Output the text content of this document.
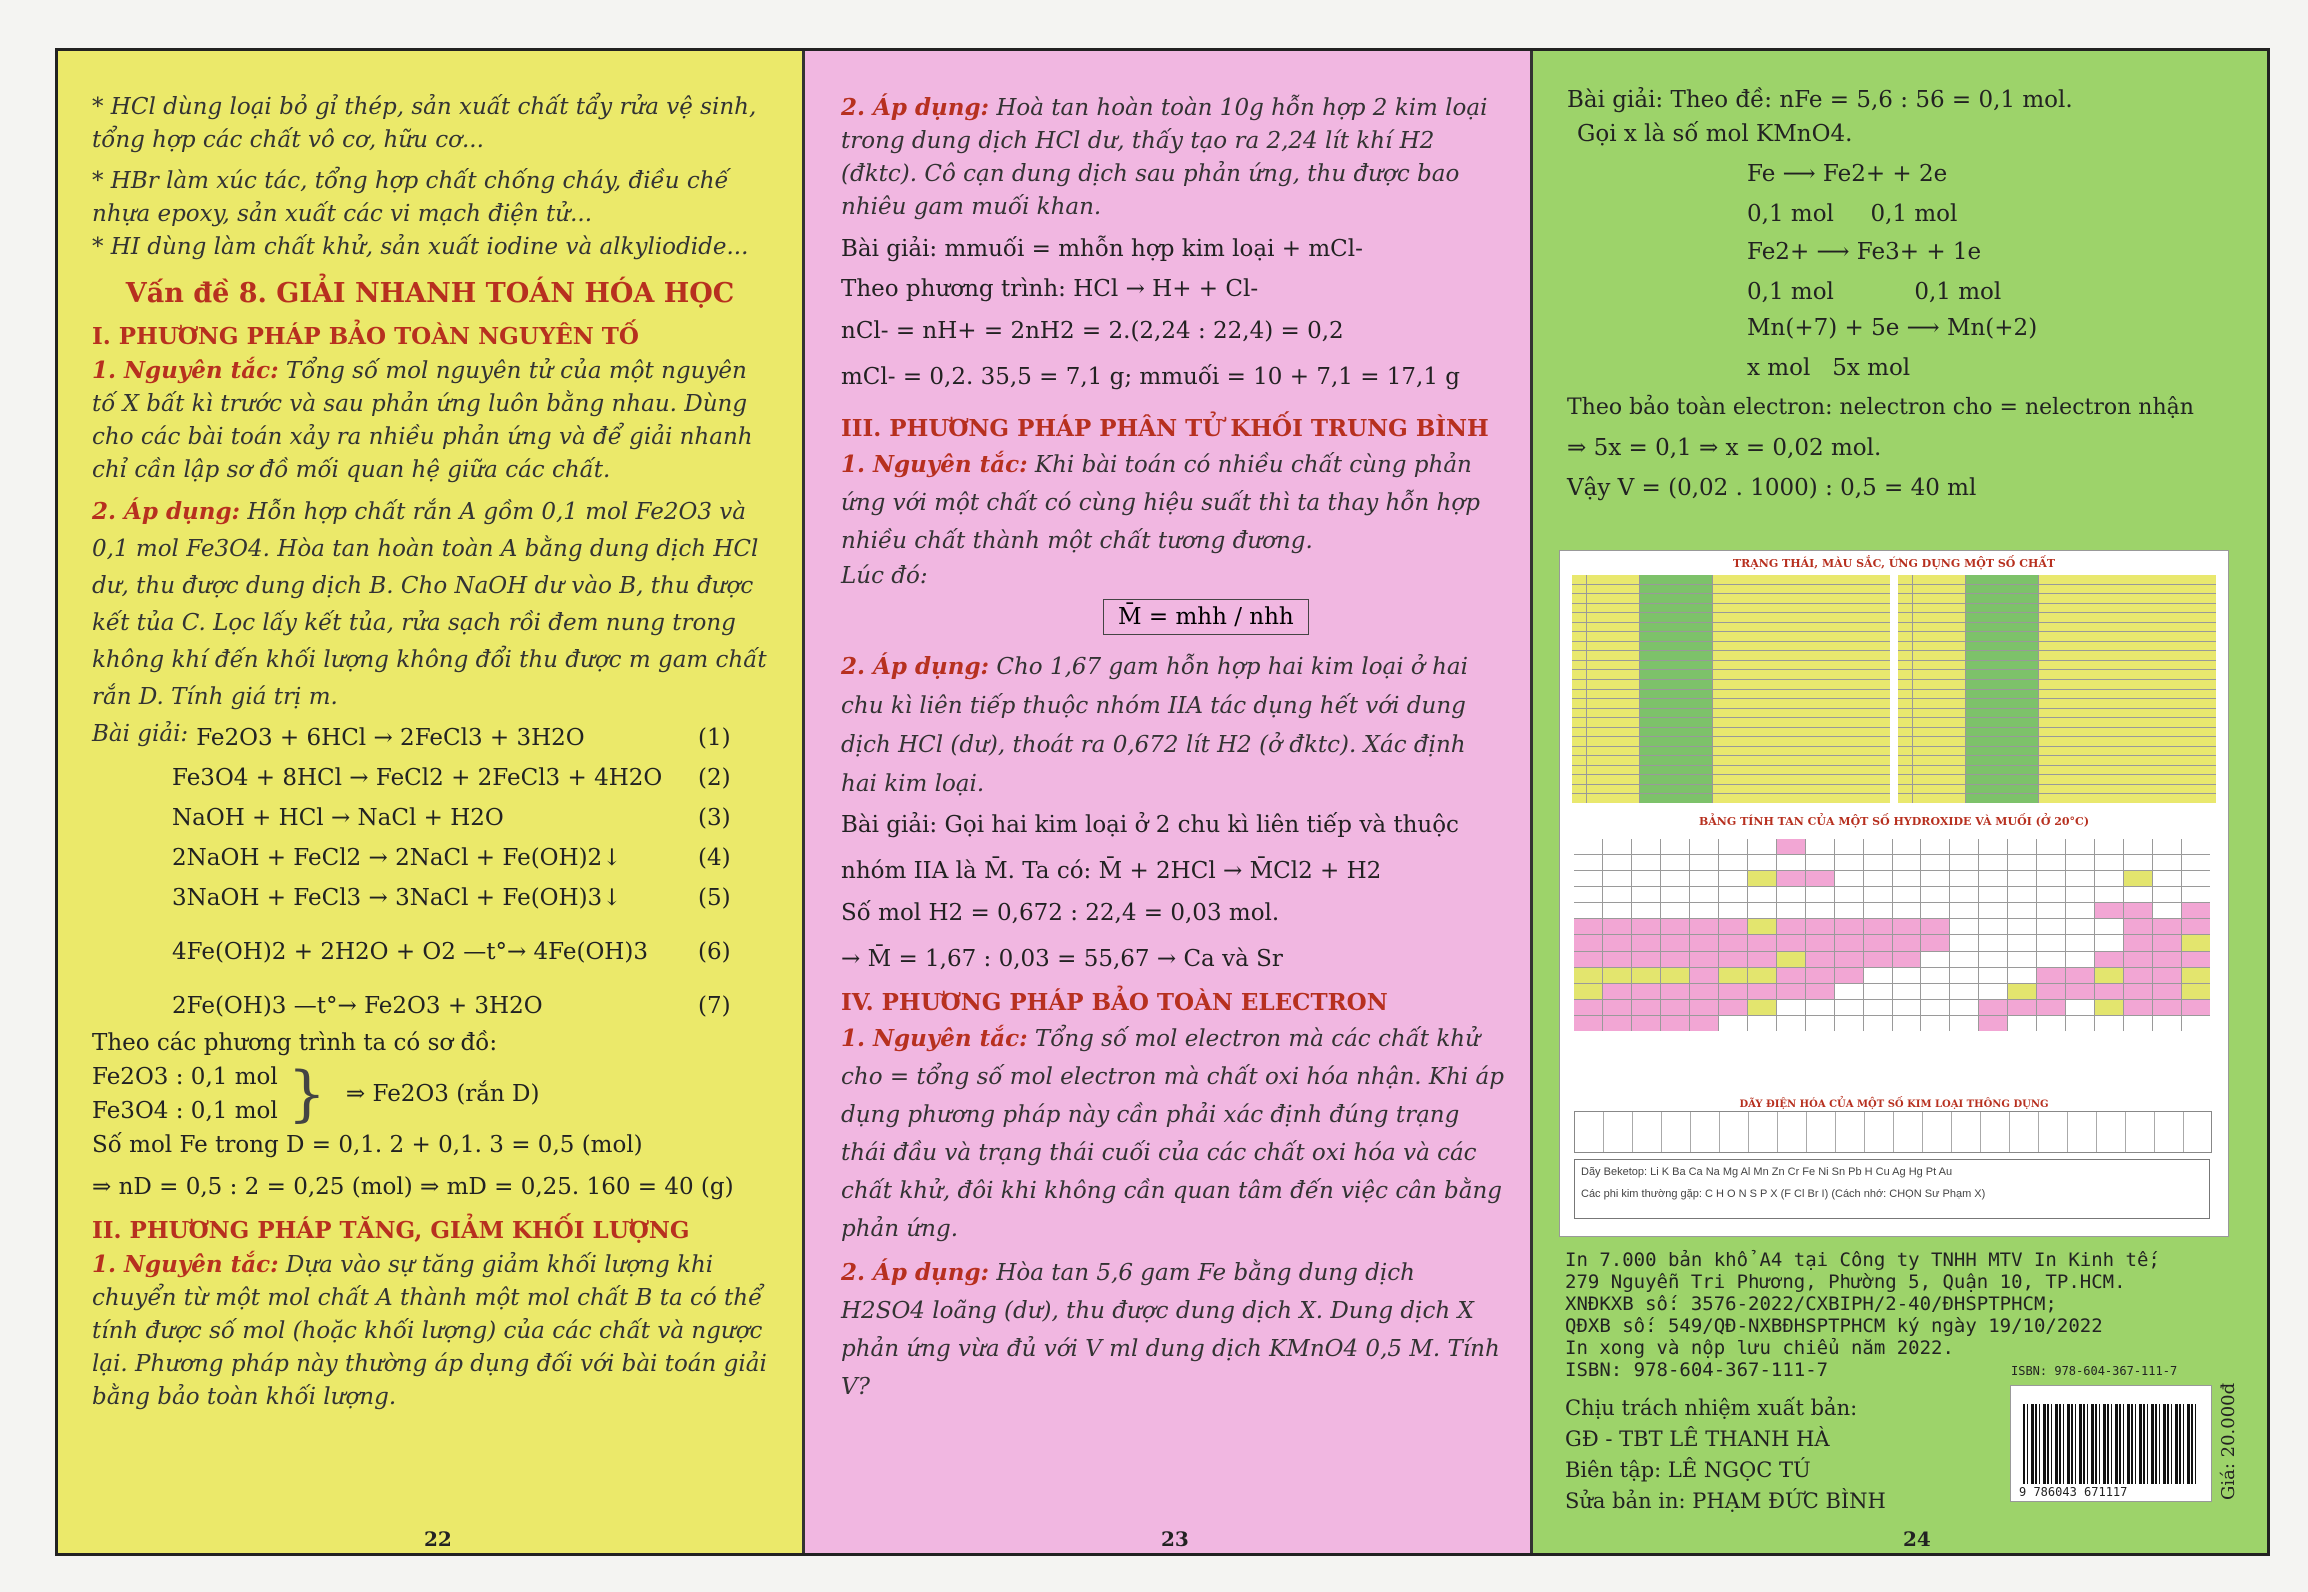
* HCl dùng loại bỏ gỉ thép, sản xuất chất tẩy rửa vệ sinh, tổng hợp các chất vô cơ, hữu cơ...
* HBr làm xúc tác, tổng hợp chất chống cháy, điều chế nhựa epoxy, sản xuất các vi mạch điện tử...
* HI dùng làm chất khử, sản xuất iodine và alkyliodide...
Vấn đề 8. GIẢI NHANH TOÁN HÓA HỌC
I. PHƯƠNG PHÁP BẢO TOÀN NGUYÊN TỐ
1. Nguyên tắc: Tổng số mol nguyên tử của một nguyên tố X bất kì trước và sau phản ứng luôn bằng nhau. Dùng cho các bài toán xảy ra nhiều phản ứng và để giải nhanh chỉ cần lập sơ đồ mối quan hệ giữa các chất.
2. Áp dụng: Hỗn hợp chất rắn A gồm 0,1 mol Fe2O3 và 0,1 mol Fe3O4. Hòa tan hoàn toàn A bằng dung dịch HCl dư, thu được dung dịch B. Cho NaOH dư vào B, thu được kết tủa C. Lọc lấy kết tủa, rửa sạch rồi đem nung trong không khí đến khối lượng không đổi thu được m gam chất rắn D. Tính giá trị m.
Bài giải: Fe2O3 + 6HCl → 2FeCl3 + 3H2O	(1)
Fe3O4 + 8HCl → FeCl2 + 2FeCl3 + 4H2O	(2)
NaOH + HCl → NaCl + H2O	(3)
2NaOH + FeCl2 → 2NaCl + Fe(OH)2↓	(4)
3NaOH + FeCl3 → 3NaCl + Fe(OH)3↓	(5)
4Fe(OH)2 + 2H2O + O2 —t°→ 4Fe(OH)3	(6)
2Fe(OH)3 —t°→ Fe2O3 + 3H2O	(7)
Theo các phương trình ta có sơ đồ:
Fe2O3 : 0,1 mol
Fe3O4 : 0,1 mol } ⇒ Fe2O3 (rắn D)
Số mol Fe trong D = 0,1. 2 + 0,1. 3 = 0,5 (mol)
⇒ nD = 0,5 : 2 = 0,25 (mol) ⇒ mD = 0,25. 160 = 40 (g)
II. PHƯƠNG PHÁP TĂNG, GIẢM KHỐI LƯỢNG
1. Nguyên tắc: Dựa vào sự tăng giảm khối lượng khi chuyển từ một mol chất A thành một mol chất B ta có thể tính được số mol (hoặc khối lượng) của các chất và ngược lại. Phương pháp này thường áp dụng đối với bài toán giải bằng bảo toàn khối lượng.
22
2. Áp dụng: Hoà tan hoàn toàn 10g hỗn hợp 2 kim loại trong dung dịch HCl dư, thấy tạo ra 2,24 lít khí H2 (đktc). Cô cạn dung dịch sau phản ứng, thu được bao nhiêu gam muối khan.
Bài giải: mmuối = mhỗn hợp kim loại + mCl-
Theo phương trình: HCl → H+ + Cl-
nCl- = nH+ = 2nH2 = 2.(2,24 : 22,4) = 0,2
mCl- = 0,2. 35,5 = 7,1 g; mmuối = 10 + 7,1 = 17,1 g
III. PHƯƠNG PHÁP PHÂN TỬ KHỐI TRUNG BÌNH
1. Nguyên tắc: Khi bài toán có nhiều chất cùng phản ứng với một chất có cùng hiệu suất thì ta thay hỗn hợp nhiều chất thành một chất tương đương.
Lúc đó:
M̄ = mhh / nhh
2. Áp dụng: Cho 1,67 gam hỗn hợp hai kim loại ở hai chu kì liên tiếp thuộc nhóm IIA tác dụng hết với dung dịch HCl (dư), thoát ra 0,672 lít H2 (ở đktc). Xác định hai kim loại.
Bài giải: Gọi hai kim loại ở 2 chu kì liên tiếp và thuộc
nhóm IIA là M̄. Ta có: M̄ + 2HCl → M̄Cl2 + H2
Số mol H2 = 0,672 : 22,4 = 0,03 mol.
→ M̄ = 1,67 : 0,03 = 55,67 → Ca và Sr
IV. PHƯƠNG PHÁP BẢO TOÀN ELECTRON
1. Nguyên tắc: Tổng số mol electron mà các chất khử cho = tổng số mol electron mà chất oxi hóa nhận. Khi áp dụng phương pháp này cần phải xác định đúng trạng thái đầu và trạng thái cuối của các chất oxi hóa và các chất khử, đôi khi không cần quan tâm đến việc cân bằng phản ứng.
2. Áp dụng: Hòa tan 5,6 gam Fe bằng dung dịch H2SO4 loãng (dư), thu được dung dịch X. Dung dịch X phản ứng vừa đủ với V ml dung dịch KMnO4 0,5 M. Tính V?
23
Bài giải: Theo đề: nFe = 5,6 : 56 = 0,1 mol.
Gọi x là số mol KMnO4.
Fe ⟶ Fe2+ + 2e
0,1 mol     0,1 mol
Fe2+ ⟶ Fe3+ + 1e
0,1 mol           0,1 mol
Mn(+7) + 5e ⟶ Mn(+2)
x mol   5x mol
Theo bảo toàn electron: nelectron cho = nelectron nhận
⇒ 5x = 0,1 ⇒ x = 0,02 mol.
Vậy V = (0,02 . 1000) : 0,5 = 40 ml
In 7.000 bản khổ A4 tại Công ty TNHH MTV In Kinh tế;
279 Nguyễn Tri Phương, Phường 5, Quận 10, TP.HCM.
XNĐKXB số: 3576-2022/CXBIPH/2-40/ĐHSPTPHCM;
QĐXB số: 549/QĐ-NXBĐHSPTPHCM ký ngày 19/10/2022
In xong và nộp lưu chiểu năm 2022.
ISBN: 978-604-367-111-7
Chịu trách nhiệm xuất bản:
GĐ - TBT LÊ THANH HÀ
Biên tập: LÊ NGỌC TÚ
Sửa bản in: PHẠM ĐỨC BÌNH
24
TRẠNG THÁI, MÀU SẮC, ỨNG DỤNG MỘT SỐ CHẤT
BẢNG TÍNH TAN CỦA MỘT SỐ HYDROXIDE VÀ MUỐI (Ở 20°C)
DÃY ĐIỆN HÓA CỦA MỘT SỐ KIM LOẠI THÔNG DỤNG
Dãy Beketop: Li K Ba Ca Na Mg Al Mn Zn Cr Fe Ni Sn Pb H Cu Ag Hg Pt Au
Các phi kim thường gặp: C H O N S P X (F Cl Br I) (Cách nhớ: CHỌN Sư Phạm X)
ISBN: 978-604-367-111-7
9 786043 671117	Giá: 20.000đ
